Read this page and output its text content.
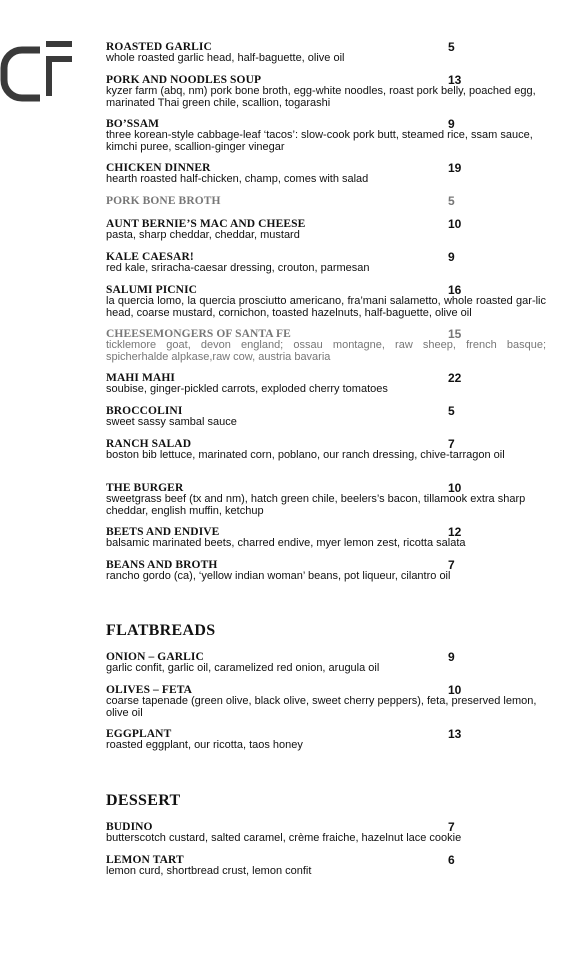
ROASTED GARLIC	5
whole roasted garlic head, half-baguette, olive oil
PORK AND NOODLES SOUP	13
kyzer farm (abq, nm) pork bone broth, egg-white noodles, roast pork belly, poached egg, marinated Thai green chile, scallion, togarashi
BO’SSAM	9
three korean-style cabbage-leaf ‘tacos’: slow-cook pork butt, steamed rice, ssam sauce, kimchi puree, scallion-ginger vinegar
CHICKEN DINNER	19
hearth roasted half-chicken, champ, comes with salad
PORK BONE BROTH	5
AUNT BERNIE’S MAC AND CHEESE	10
pasta, sharp cheddar, cheddar, mustard
KALE CAESAR!	9
red kale, sriracha-caesar dressing, crouton, parmesan
SALUMI PICNIC	16
la quercia lomo, la quercia prosciutto americano, fra’mani salametto, whole roasted gar-lic head, coarse mustard, cornichon, toasted hazelnuts, half-baguette, olive oil
CHEESEMONGERS OF SANTA FE	15
ticklemore goat, devon england; ossau montagne, raw sheep, french basque; spicherhalde alpkase,raw cow, austria bavaria
MAHI MAHI	22
soubise, ginger-pickled carrots, exploded cherry tomatoes
BROCCOLINI	5
sweet sassy sambal sauce
RANCH SALAD	7
boston bib lettuce, marinated corn, poblano, our ranch dressing, chive-tarragon oil
THE BURGER	10
sweetgrass beef (tx and nm), hatch green chile, beelers’s bacon, tillamook extra sharp cheddar, english muffin, ketchup
BEETS AND ENDIVE	12
balsamic marinated beets, charred endive, myer lemon zest, ricotta salata
BEANS AND BROTH	7
rancho gordo (ca), ‘yellow indian woman’ beans, pot liqueur, cilantro oil
FLATBREADS
ONION – GARLIC	9
garlic confit, garlic oil, caramelized red onion, arugula oil
OLIVES – FETA	10
coarse tapenade (green olive, black olive, sweet cherry peppers), feta, preserved lemon, olive oil
EGGPLANT	13
roasted eggplant, our ricotta, taos honey
DESSERT
BUDINO	7
butterscotch custard, salted caramel, crème fraiche, hazelnut lace cookie
LEMON TART	6
lemon curd, shortbread crust, lemon confit
